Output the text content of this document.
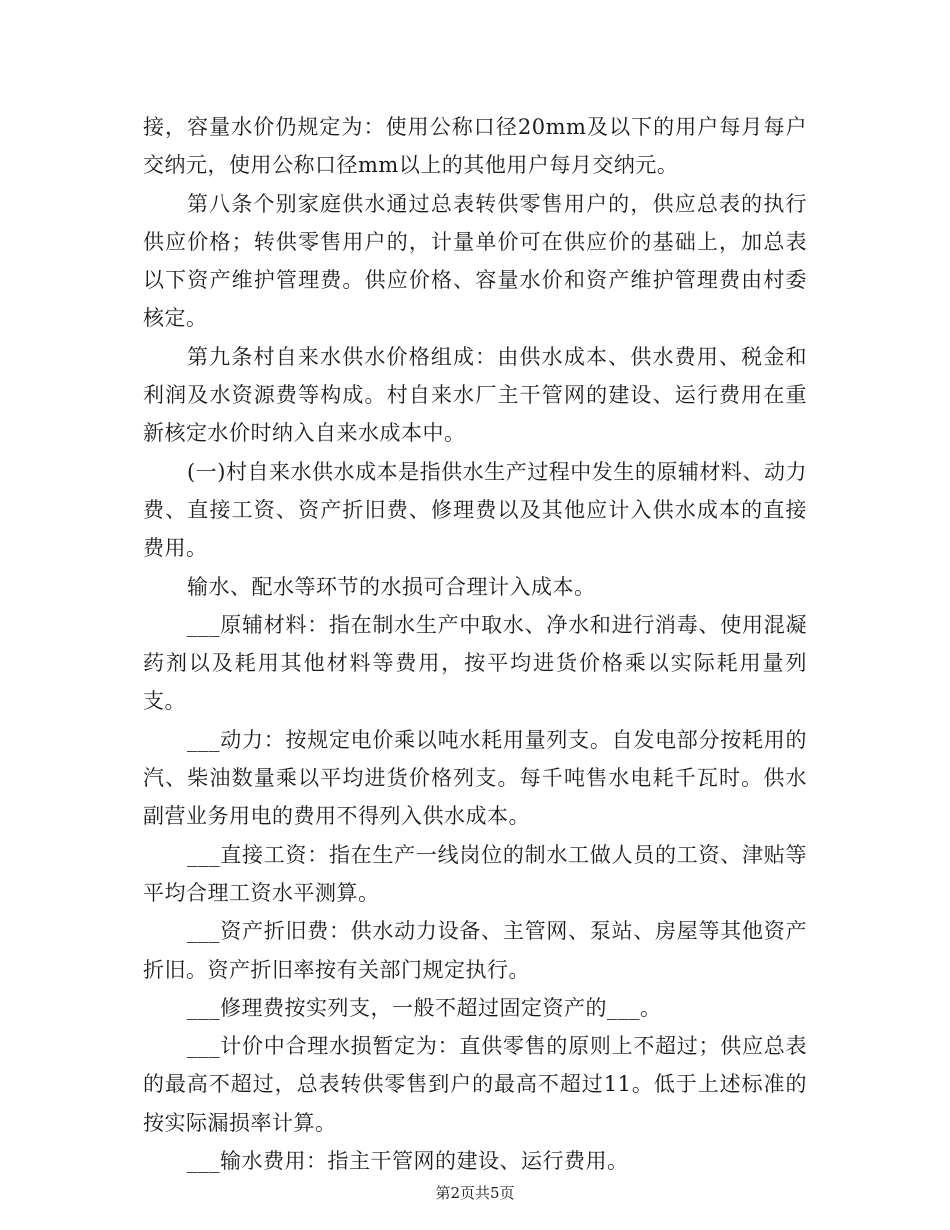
接，容量水价仍规定为：使用公称口径20mm及以下的用户每月每户交纳元，使用公称口径mm以上的其他用户每月交纳元。

第八条个别家庭供水通过总表转供零售用户的，供应总表的执行供应价格；转供零售用户的，计量单价可在供应价的基础上，加总表以下资产维护管理费。供应价格、容量水价和资产维护管理费由村委核定。

第九条村自来水供水价格组成：由供水成本、供水费用、税金和利润及水资源费等构成。村自来水厂主干管网的建设、运行费用在重新核定水价时纳入自来水成本中。

(一)村自来水供水成本是指供水生产过程中发生的原辅材料、动力费、直接工资、资产折旧费、修理费以及其他应计入供水成本的直接费用。

输水、配水等环节的水损可合理计入成本。

___原辅材料：指在制水生产中取水、净水和进行消毒、使用混凝药剂以及耗用其他材料等费用，按平均进货价格乘以实际耗用量列支。

___动力：按规定电价乘以吨水耗用量列支。自发电部分按耗用的汽、柴油数量乘以平均进货价格列支。每千吨售水电耗千瓦时。供水副营业务用电的费用不得列入供水成本。

___直接工资：指在生产一线岗位的制水工做人员的工资、津贴等平均合理工资水平测算。

___资产折旧费：供水动力设备、主管网、泵站、房屋等其他资产折旧。资产折旧率按有关部门规定执行。

___修理费按实列支，一般不超过固定资产的___。

___计价中合理水损暂定为：直供零售的原则上不超过；供应总表的最高不超过，总表转供零售到户的最高不超过11。低于上述标准的按实际漏损率计算。

___输水费用：指主干管网的建设、运行费用。

第2页共5页
